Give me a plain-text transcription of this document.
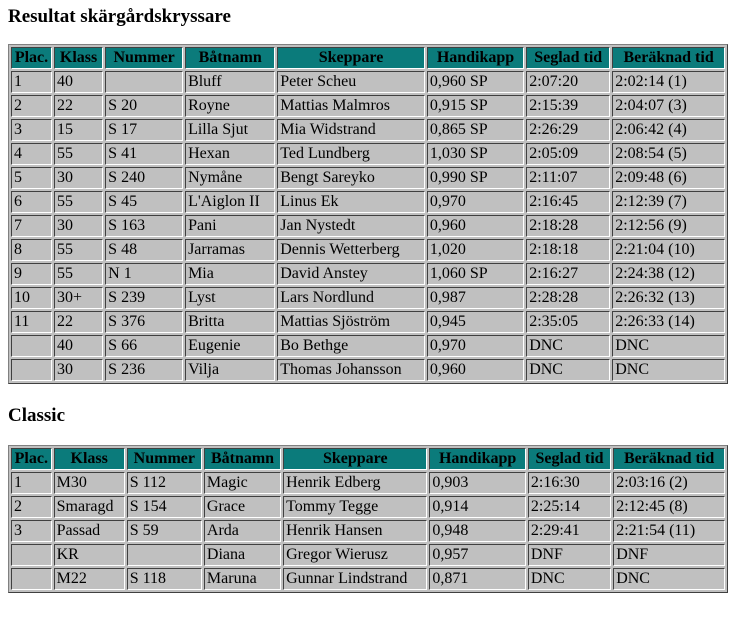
Resultat skärgårdskryssare
Plac.	Klass	Nummer	Båtnamn	Skeppare	Handikapp	Seglad tid	Beräknad tid
1	40		Bluff	Peter Scheu	0,960 SP	2:07:20	2:02:14 (1)
2	22	S 20	Royne	Mattias Malmros	0,915 SP	2:15:39	2:04:07 (3)
3	15	S 17	Lilla Sjut	Mia Widstrand	0,865 SP	2:26:29	2:06:42 (4)
4	55	S 41	Hexan	Ted Lundberg	1,030 SP	2:05:09	2:08:54 (5)
5	30	S 240	Nymåne	Bengt Sareyko	0,990 SP	2:11:07	2:09:48 (6)
6	55	S 45	L'Aiglon II	Linus Ek	0,970	2:16:45	2:12:39 (7)
7	30	S 163	Pani	Jan Nystedt	0,960	2:18:28	2:12:56 (9)
8	55	S 48	Jarramas	Dennis Wetterberg	1,020	2:18:18	2:21:04 (10)
9	55	N 1	Mia	David Anstey	1,060 SP	2:16:27	2:24:38 (12)
10	30+	S 239	Lyst	Lars Nordlund	0,987	2:28:28	2:26:32 (13)
11	22	S 376	Britta	Mattias Sjöström	0,945	2:35:05	2:26:33 (14)
	40	S 66	Eugenie	Bo Bethge	0,970	DNC	DNC
	30	S 236	Vilja	Thomas Johansson	0,960	DNC	DNC
Classic
Plac.	Klass	Nummer	Båtnamn	Skeppare	Handikapp	Seglad tid	Beräknad tid
1	M30	S 112	Magic	Henrik Edberg	0,903	2:16:30	2:03:16 (2)
2	Smaragd	S 154	Grace	Tommy Tegge	0,914	2:25:14	2:12:45 (8)
3	Passad	S 59	Arda	Henrik Hansen	0,948	2:29:41	2:21:54 (11)
	KR		Diana	Gregor Wierusz	0,957	DNF	DNF
	M22	S 118	Maruna	Gunnar Lindstrand	0,871	DNC	DNC
